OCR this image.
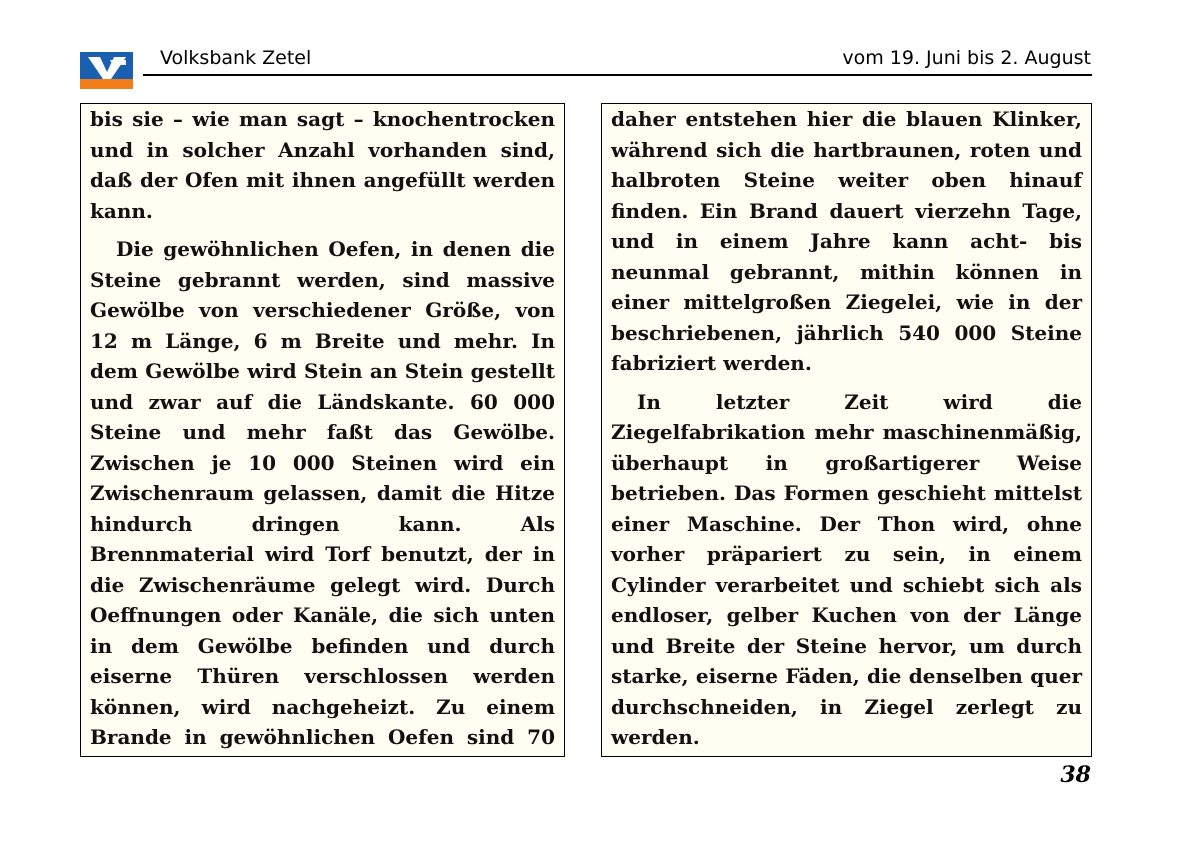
Volksbank Zetel	vom 19. Juni bis 2. August

bis sie – wie man sagt – knochentrocken und in solcher Anzahl vorhanden sind, daß der Ofen mit ihnen angefüllt werden kann.

Die gewöhnlichen Oefen, in denen die Steine gebrannt werden, sind massive Gewölbe von verschiedener Größe, von 12 m Länge, 6 m Breite und mehr. In dem Gewölbe wird Stein an Stein gestellt und zwar auf die Ländskante. 60 000 Steine und mehr faßt das Gewölbe. Zwischen je 10 000 Steinen wird ein Zwischenraum gelassen, damit die Hitze hindurch dringen kann. Als Brennmaterial wird Torf benutzt, der in die Zwischenräume gelegt wird. Durch Oeffnungen oder Kanäle, die sich unten in dem Gewölbe befinden und durch eiserne Thüren verschlossen werden können, wird nachgeheizt. Zu einem Brande in gewöhnlichen Oefen sind 70

daher entstehen hier die blauen Klinker, während sich die hartbraunen, roten und halbroten Steine weiter oben hinauf finden. Ein Brand dauert vierzehn Tage, und in einem Jahre kann acht- bis neunmal gebrannt, mithin können in einer mittelgroßen Ziegelei, wie in der beschriebenen, jährlich 540 000 Steine fabriziert werden.

In letzter Zeit wird die Ziegelfabrikation mehr maschinenmäßig, überhaupt in großartigerer Weise betrieben. Das Formen geschieht mittelst einer Maschine. Der Thon wird, ohne vorher präpariert zu sein, in einem Cylinder verarbeitet und schiebt sich als endloser, gelber Kuchen von der Länge und Breite der Steine hervor, um durch starke, eiserne Fäden, die denselben quer durchschneiden, in Ziegel zerlegt zu werden.

38
